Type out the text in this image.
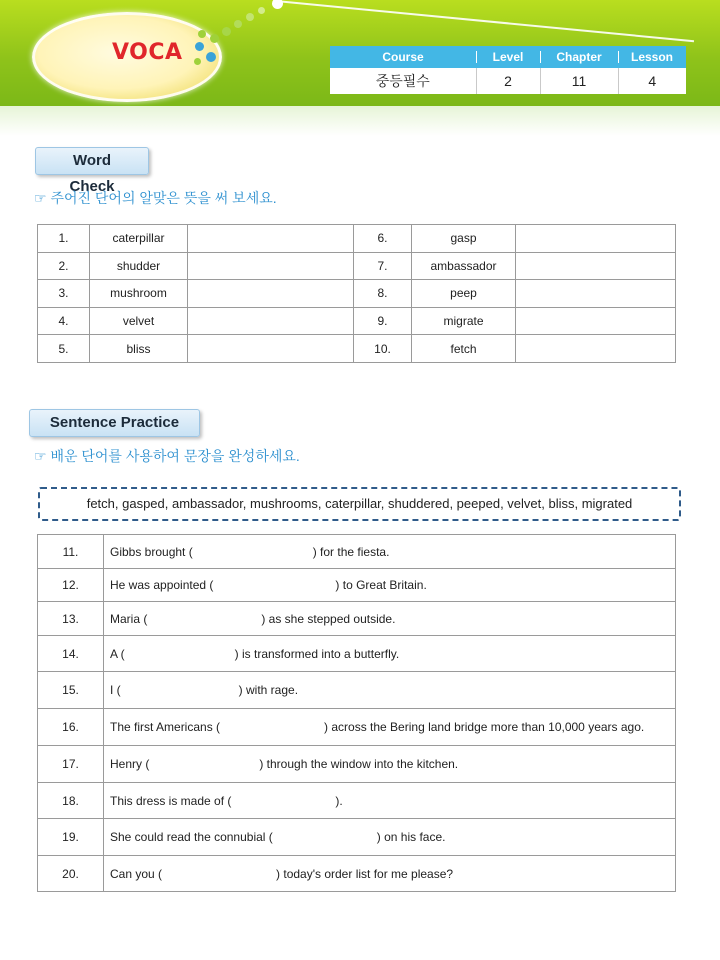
VOCA	Course	Level	Chapter	Lesson
중등필수	2	11	4
Word Check
☞ 주어진 단어의 알맞은 뜻을 써 보세요.
1.	caterpillar		6.	gasp	
2.	shudder		7.	ambassador	
3.	mushroom		8.	peep	
4.	velvet		9.	migrate	
5.	bliss		10.	fetch	
Sentence Practice
☞ 배운 단어를 사용하여 문장을 완성하세요.
fetch, gasped, ambassador, mushrooms, caterpillar, shuddered, peeped, velvet, bliss, migrated
11.	Gibbs brought ( ) for the fiesta.
12.	He was appointed ( ) to Great Britain.
13.	Maria ( ) as she stepped outside.
14.	A ( ) is transformed into a butterfly.
15.	I ( ) with rage.
16.	The first Americans ( ) across the Bering land bridge more than 10,000 years ago.
17.	Henry ( ) through the window into the kitchen.
18.	This dress is made of ( ).
19.	She could read the connubial ( ) on his face.
20.	Can you ( ) today's order list for me please?
